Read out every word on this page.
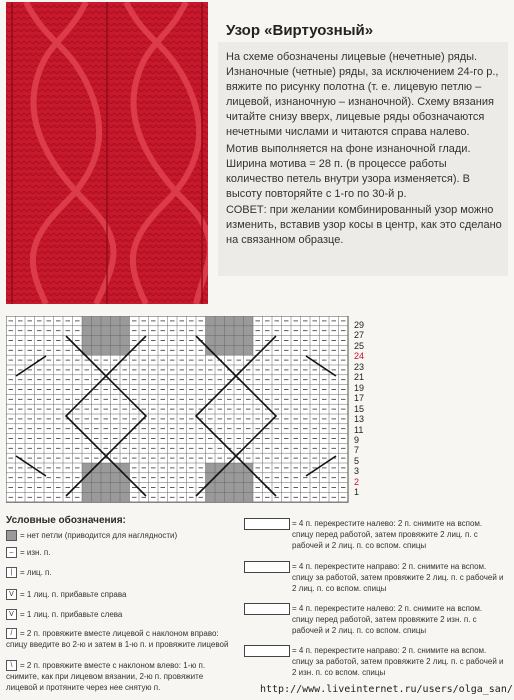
Узор «Виртуозный»

На схеме обозначены лицевые (нечетные) ряды. Изнаночные (четные) ряды, за исключением 24-го р., вяжите по рисунку полотна (т. е. лицевую петлю – лицевой, изнаночную – изнаночной). Схему вязания читайте снизу вверх, лицевые ряды обозначаются нечетными числами и читаются справа налево.

Мотив выполняется на фоне изнаночной глади. Ширина мотива = 28 п. (в процессе работы количество петель внутри узора изменяется). В высоту повторяйте с 1-го по 30-й р.

СОВЕТ: при желании комбинированный узор можно изменить, вставив узор косы в центр, как это сделано на связанном образце.

29
27
25
24
23
21
19
17
15
13
11
9
7
5
3
2
1
Условные обозначения:
= нет петли (приводится для наглядности)
– = изн. п.
| = лиц. п.
V = 1 лиц. п. прибавьте справа
V = 1 лиц. п. прибавьте слева
/ = 2 п. провяжите вместе лицевой с наклоном вправо: спицу введите во 2-ю и затем в 1-ю п. и провяжите лицевой
\ = 2 п. провяжите вместе с наклоном влево: 1-ю п. снимите, как при лицевом вязании, 2-ю п. провяжите лицевой и протяните через нее снятую п.
= 4 п. перекрестите налево: 2 п. снимите на вспом. спицу перед работой, затем провяжите 2 лиц. п. с рабочей и 2 лиц. п. со вспом. спицы
= 4 п. перекрестите направо: 2 п. снимите на вспом. спицу за работой, затем провяжите 2 лиц. п. с рабочей и 2 лиц. п. со вспом. спицы
= 4 п. перекрестите налево: 2 п. снимите на вспом. спицу перед работой, затем провяжите 2 изн. п. с рабочей и 2 лиц. п. со вспом. спицы
= 4 п. перекрестите направо: 2 п. снимите на вспом. спицу за работой, затем провяжите 2 лиц. п. с рабочей и 2 изн. п. со вспом. спицы
http://www.liveinternet.ru/users/olga_san/
